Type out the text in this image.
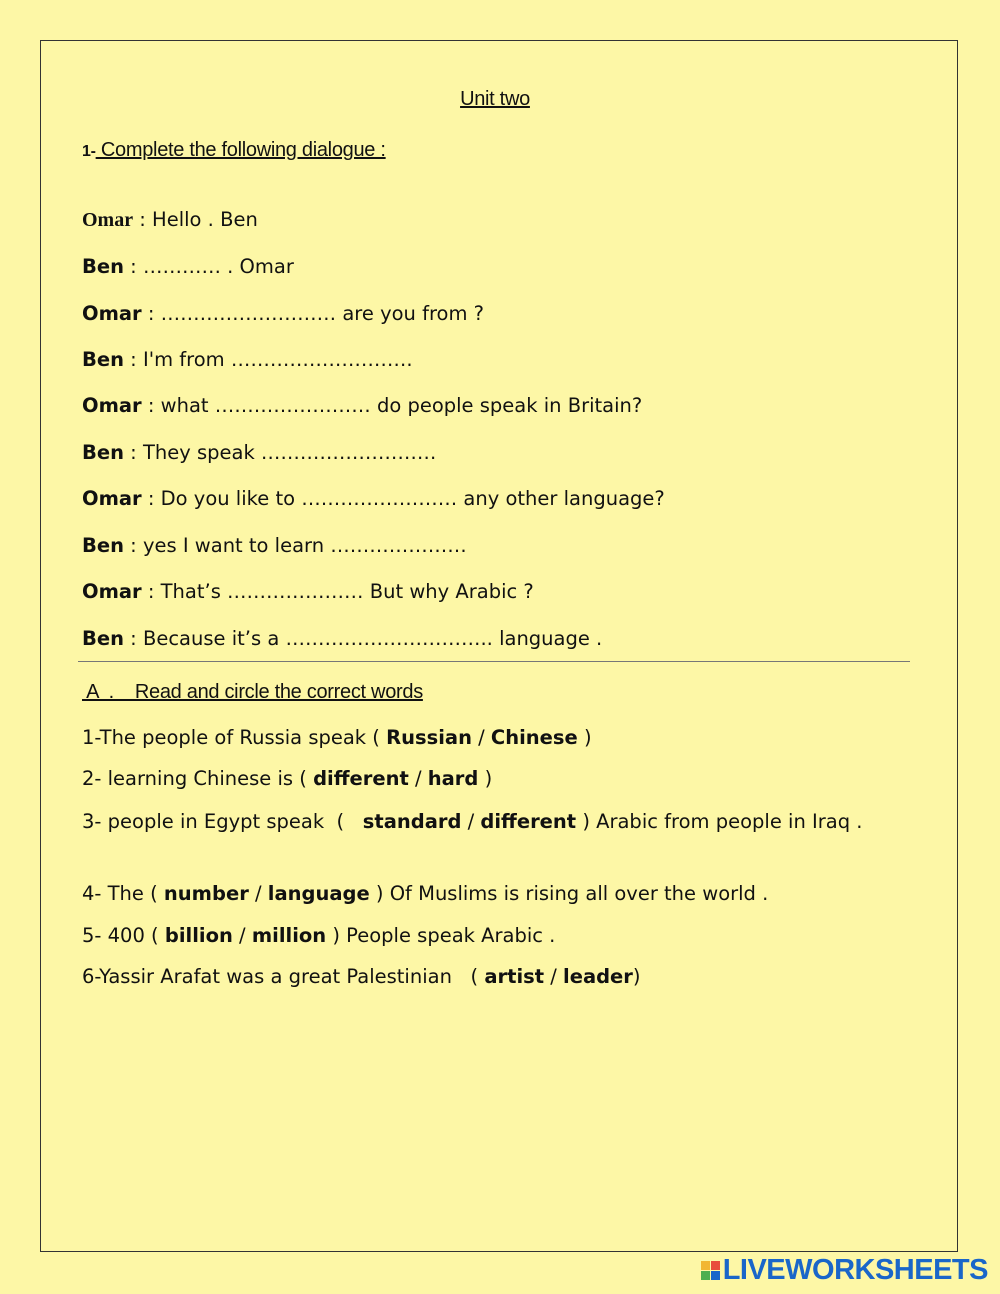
Unit two
1- Complete the following dialogue :
Omar : Hello . Ben
Ben : ………… . Omar
Omar : ……………………… are you from ?
Ben : I'm from ……………………….
Omar : what …………………… do people speak in Britain?
Ben : They speak ………………………
Omar : Do you like to …………………… any other language?
Ben : yes I want to learn …………………
Omar : That’s ………………… But why Arabic ?
Ben : Because it’s a ………………………….. language .
A  .    Read and circle the correct words
1-The people of Russia speak ( Russian / Chinese )
2- learning Chinese is ( different / hard )
3- people in Egypt speak  (   standard / different ) Arabic from people in Iraq .
4- The ( number / language ) Of Muslims is rising all over the world .
5- 400 ( billion / million ) People speak Arabic .
6-Yassir Arafat was a great Palestinian   ( artist / leader)
LIVEWORKSHEETS
